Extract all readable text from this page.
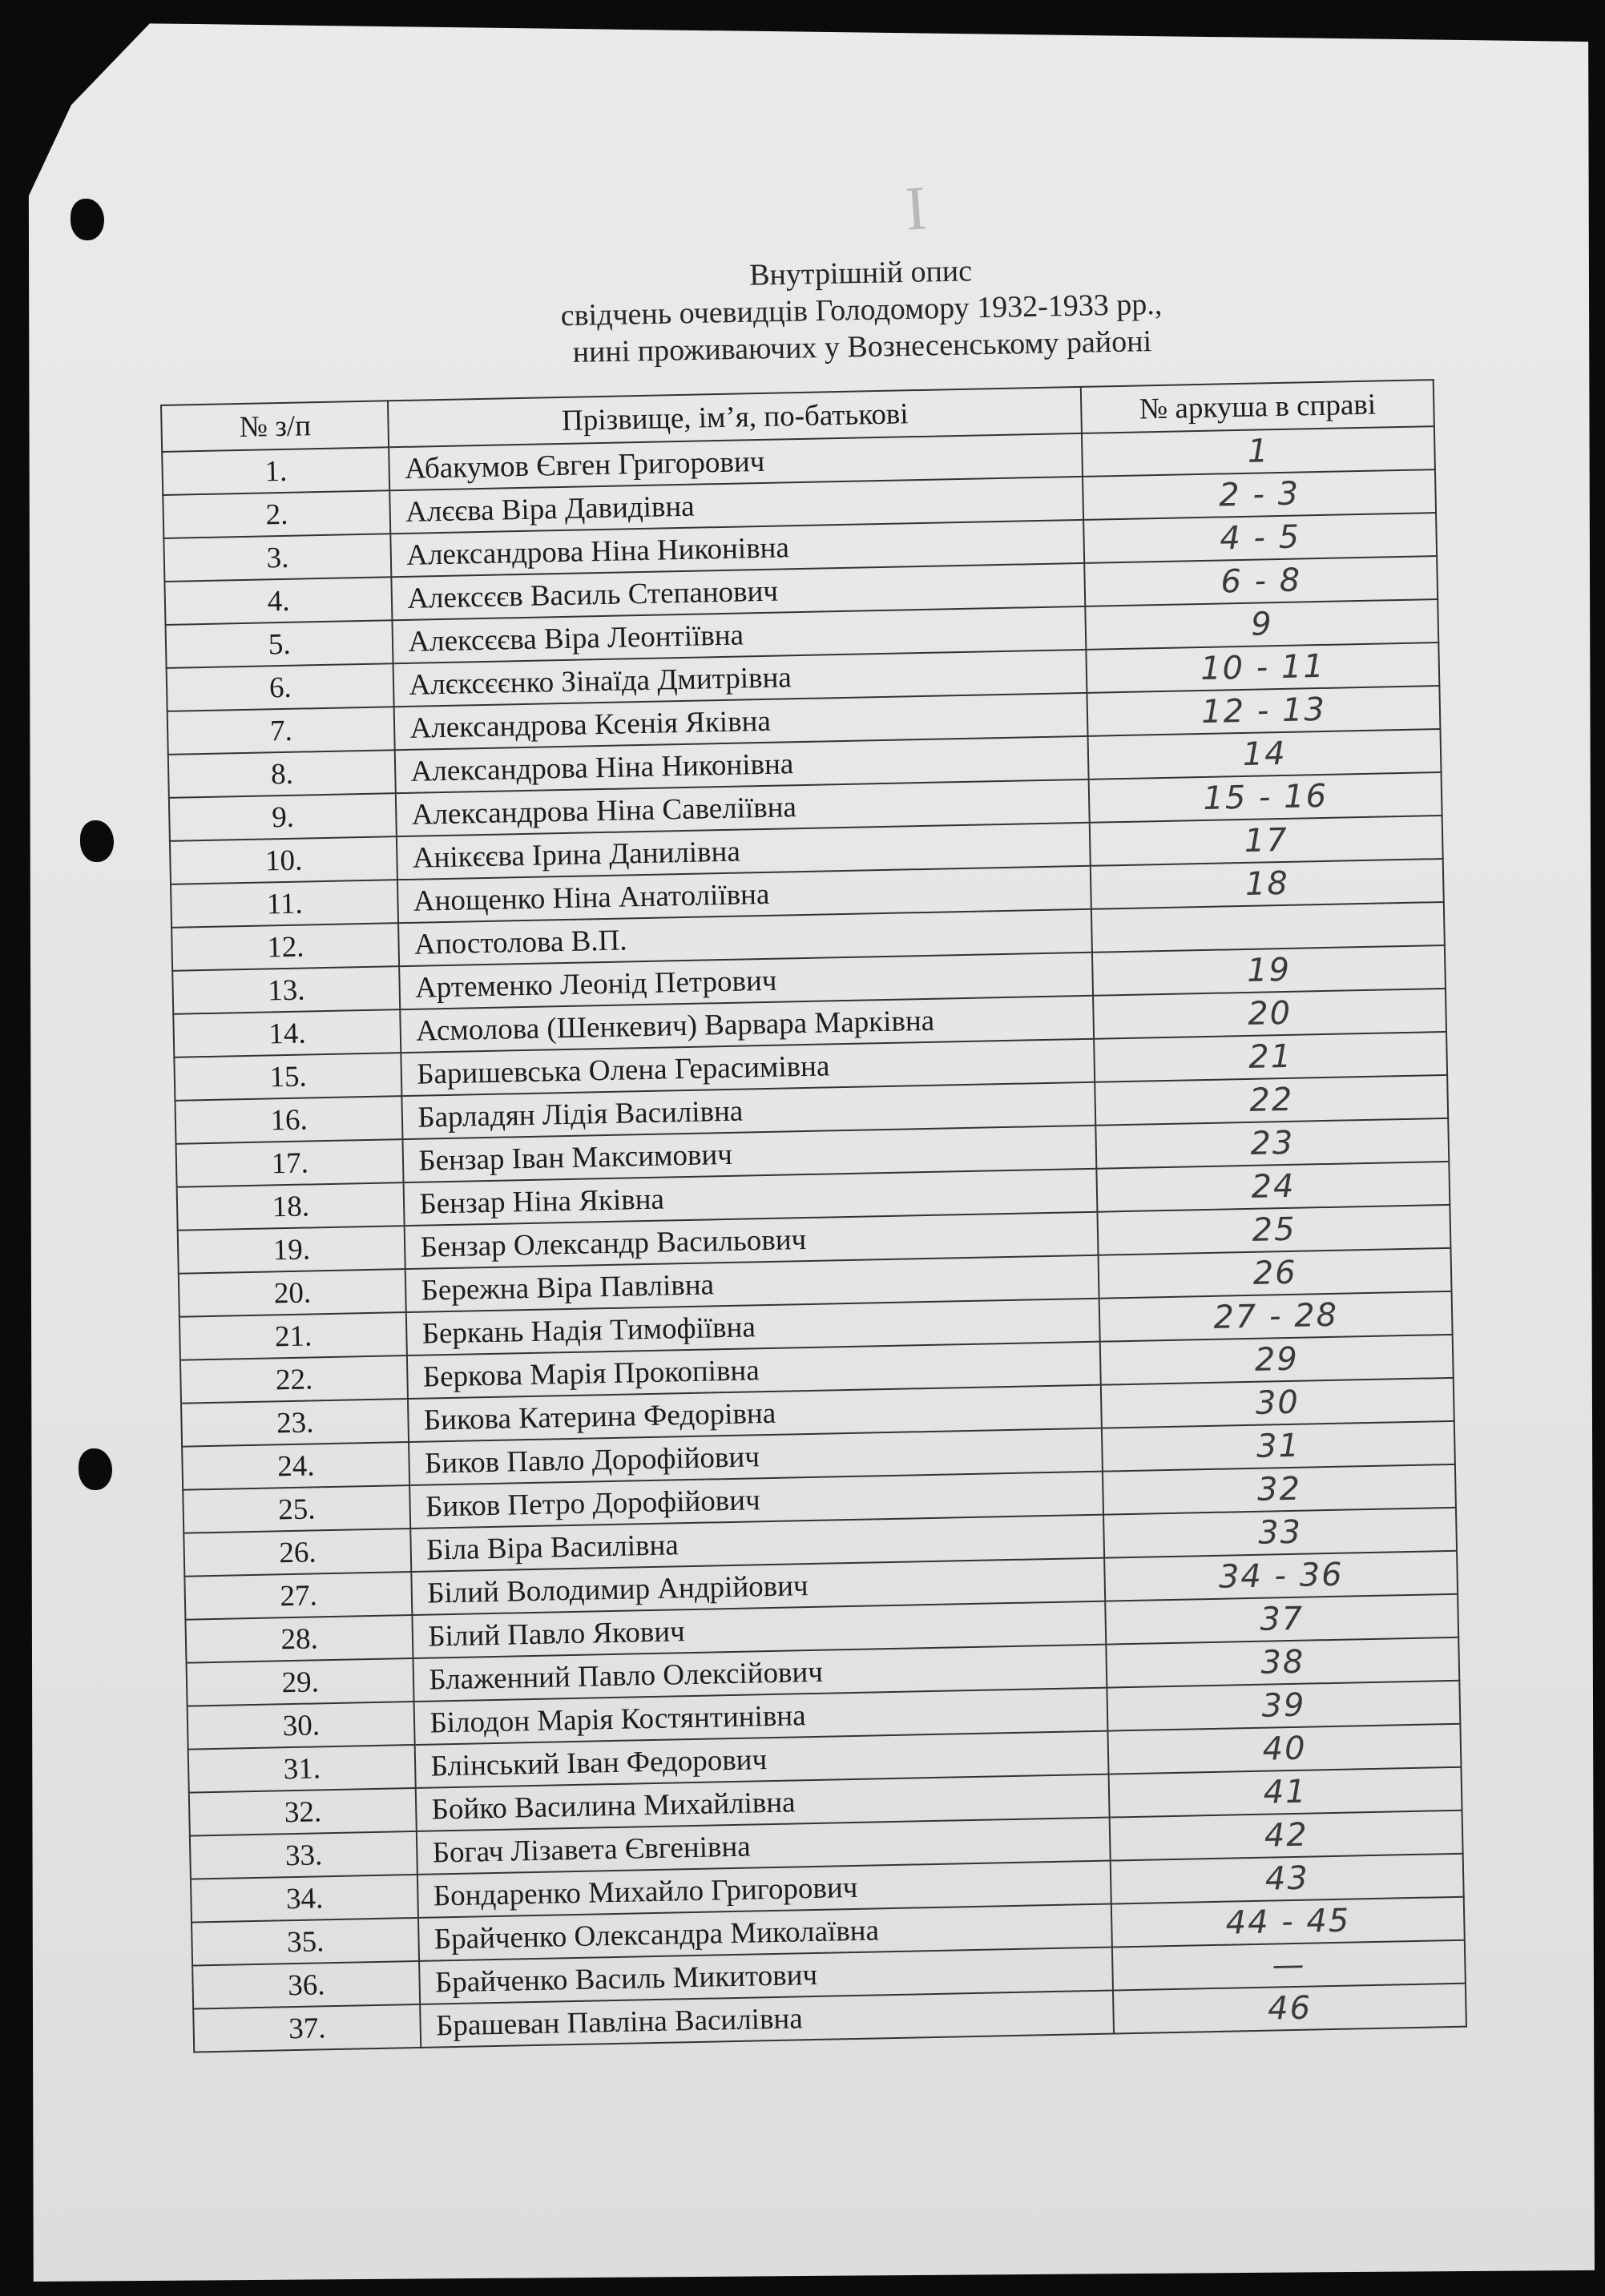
I
Внутрішній опис
свідчень очевидців Голодомору 1932-1933 рр.,
нині проживаючих у Вознесенському районі
№ з/п	Прізвище, ім’я, по-батькові	№ аркуша в справі
1.	Абакумов Євген Григорович	1
2.	Алєєва Віра Давидівна	2 - 3
3.	Александрова Ніна Никонівна	4 - 5
4.	Алексєєв Василь Степанович	6 - 8
5.	Алексєєва Віра Леонтіївна	9
6.	Алєксєєнко Зінаїда Дмитрівна	10 - 11
7.	Александрова Ксенія Яківна	12 - 13
8.	Александрова Ніна Никонівна	14
9.	Александрова Ніна Савеліївна	15 - 16
10.	Анікєєва Ірина Данилівна	17
11.	Анощенко Ніна Анатоліївна	18
12.	Апостолова В.П.	
13.	Артеменко Леонід Петрович	19
14.	Асмолова (Шенкевич) Варвара Марківна	20
15.	Баришевська Олена Герасимівна	21
16.	Барладян Лідія Василівна	22
17.	Бензар Іван Максимович	23
18.	Бензар Ніна Яківна	24
19.	Бензар Олександр Васильович	25
20.	Бережна Віра Павлівна	26
21.	Беркань Надія Тимофіївна	27 - 28
22.	Беркова Марія Прокопівна	29
23.	Бикова Катерина Федорівна	30
24.	Биков Павло Дорофійович	31
25.	Биков Петро Дорофійович	32
26.	Біла Віра Василівна	33
27.	Білий Володимир Андрійович	34 - 36
28.	Білий Павло Якович	37
29.	Блаженний Павло Олексійович	38
30.	Білодон Марія Костянтинівна	39
31.	Блінський Іван Федорович	40
32.	Бойко Василина Михайлівна	41
33.	Богач Лізавета Євгенівна	42
34.	Бондаренко Михайло Григорович	43
35.	Брайченко Олександра Миколаївна	44 - 45
36.	Брайченко Василь Микитович	—
37.	Брашеван Павліна Василівна	46
